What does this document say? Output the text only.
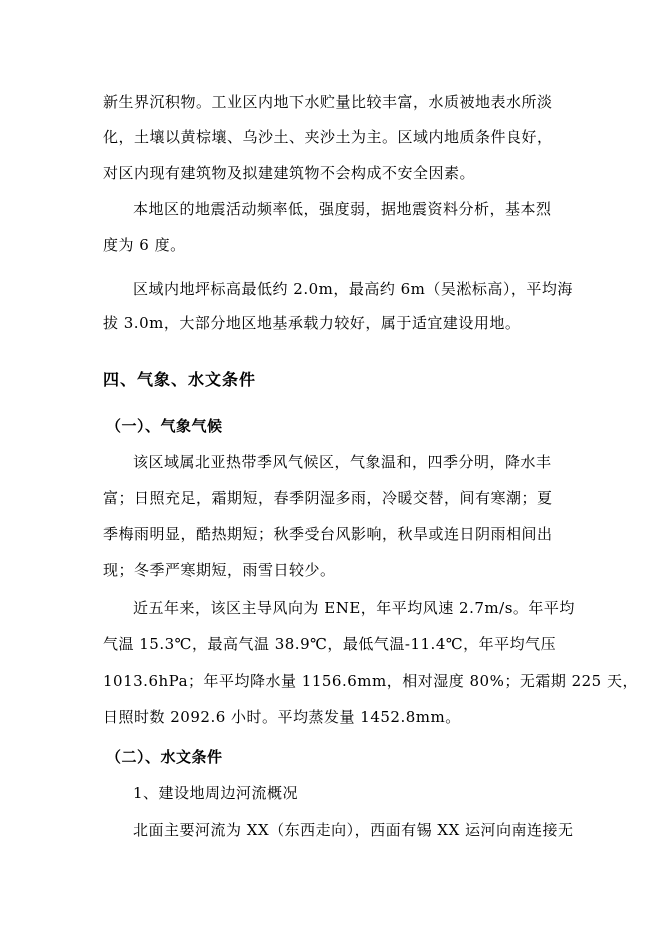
新生界沉积物。工业区内地下水贮量比较丰富，水质被地表水所淡
化，土壤以黄棕壤、乌沙土、夹沙土为主。区域内地质条件良好，
对区内现有建筑物及拟建建筑物不会构成不安全因素。
本地区的地震活动频率低，强度弱，据地震资料分析，基本烈
度为 6 度。
区域内地坪标高最低约 2.0m，最高约 6m（吴淞标高），平均海
拔 3.0m，大部分地区地基承载力较好，属于适宜建设用地。
四、气象、水文条件
（一）、气象气候
该区域属北亚热带季风气候区，气象温和，四季分明，降水丰
富；日照充足，霜期短，春季阴湿多雨，冷暖交替，间有寒潮；夏
季梅雨明显，酷热期短；秋季受台风影响，秋旱或连日阴雨相间出
现；冬季严寒期短，雨雪日较少。
近五年来，该区主导风向为 ENE，年平均风速 2.7m/s。年平均
气温 15.3℃，最高气温 38.9℃，最低气温-11.4℃，年平均气压
1013.6hPa；年平均降水量 1156.6mm，相对湿度 80%；无霜期 225 天，
日照时数 2092.6 小时。平均蒸发量 1452.8mm。
（二）、水文条件
1、建设地周边河流概况
北面主要河流为 XX（东西走向），西面有锡 XX 运河向南连接无
